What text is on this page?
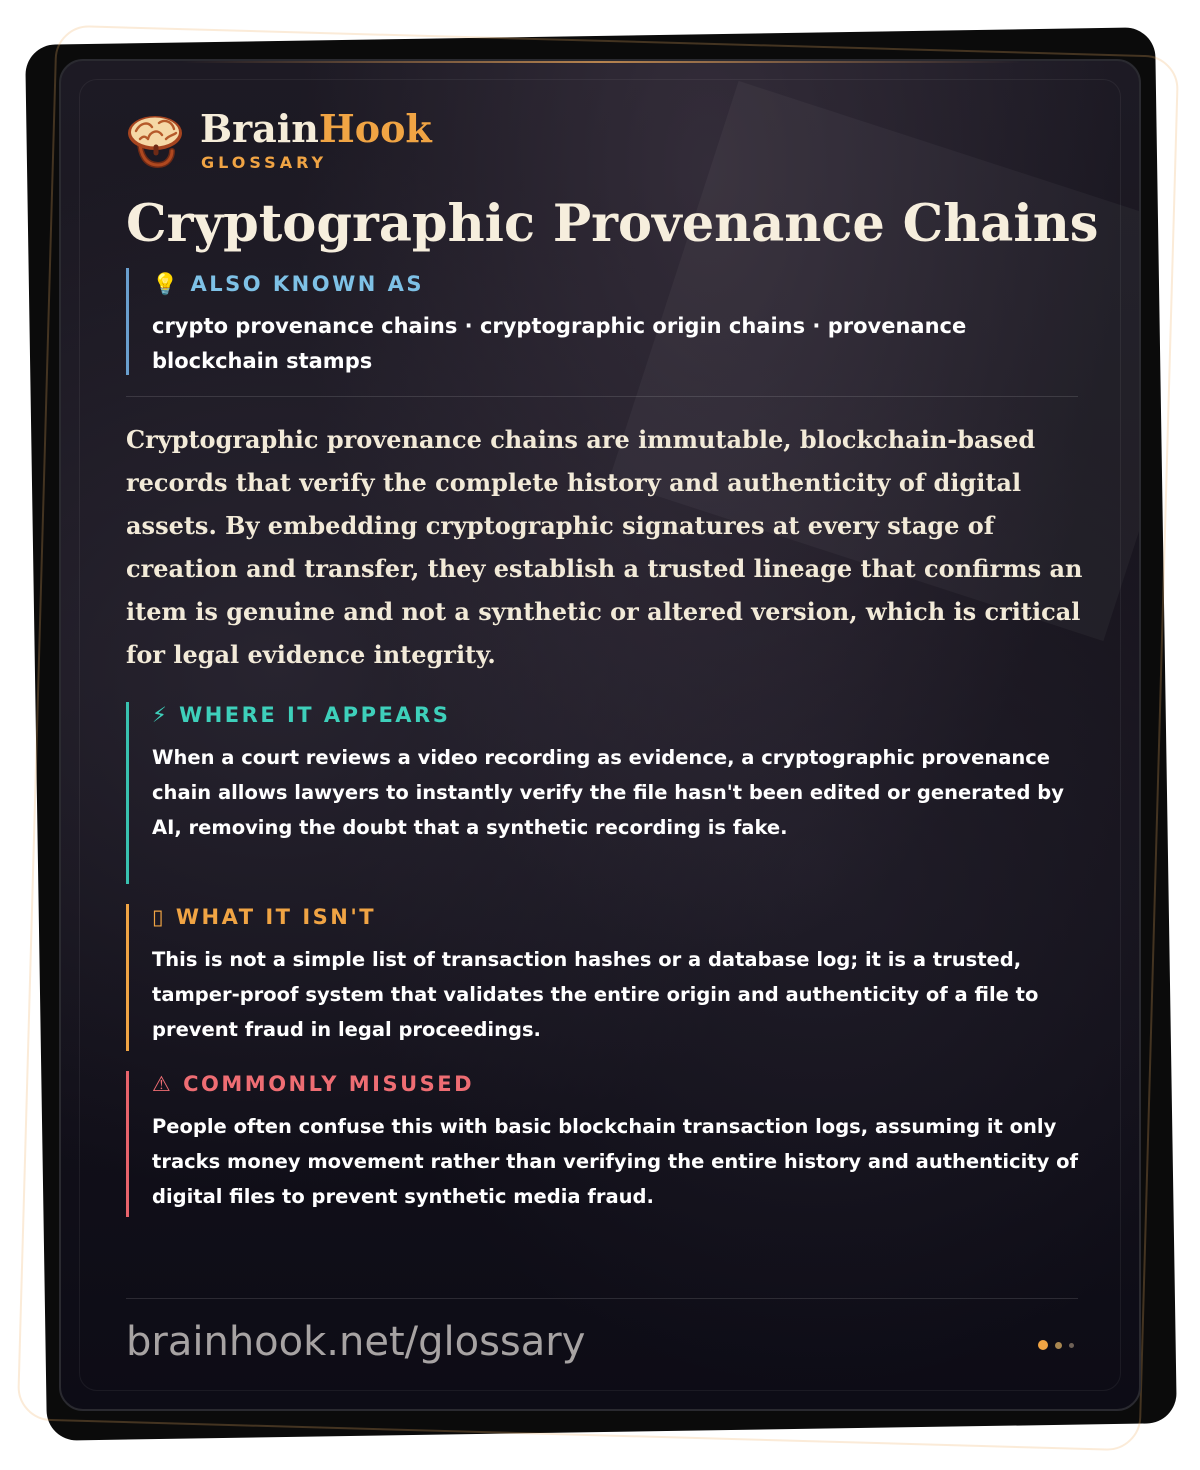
BrainHook
GLOSSARY
Cryptographic Provenance Chains
💡 ALSO KNOWN AS
crypto provenance chains · cryptographic origin chains · provenance blockchain stamps
Cryptographic provenance chains are immutable, blockchain-based records that verify the complete history and authenticity of digital assets. By embedding cryptographic signatures at every stage of creation and transfer, they establish a trusted lineage that confirms an item is genuine and not a synthetic or altered version, which is critical for legal evidence integrity.
⚡ WHERE IT APPEARS
When a court reviews a video recording as evidence, a cryptographic provenance chain allows lawyers to instantly verify the file hasn't been edited or generated by AI, removing the doubt that a synthetic recording is fake.
▯ WHAT IT ISN'T
This is not a simple list of transaction hashes or a database log; it is a trusted, tamper-proof system that validates the entire origin and authenticity of a file to prevent fraud in legal proceedings.
⚠ COMMONLY MISUSED
People often confuse this with basic blockchain transaction logs, assuming it only tracks money movement rather than verifying the entire history and authenticity of digital files to prevent synthetic media fraud.
brainhook.net/glossary
